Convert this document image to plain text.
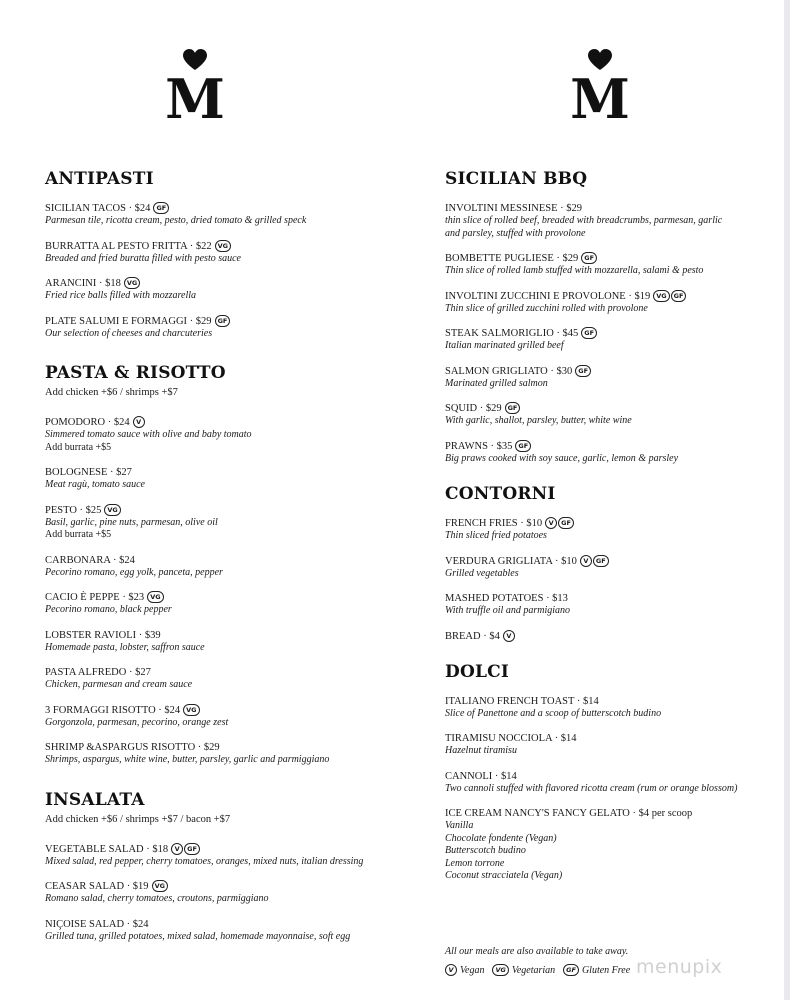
M	M
ANTIPASTI
SICILIAN TACOS · $24 GF
Parmesan tile, ricotta cream, pesto, dried tomato & grilled speck
BURRATTA AL PESTO FRITTA · $22 VG
Breaded and fried buratta filled with pesto sauce
ARANCINI · $18 VG
Fried rice balls filled with mozzarella
PLATE SALUMI E FORMAGGI · $29 GF
Our selection of cheeses and charcuteries
PASTA & RISOTTO
Add chicken +$6 / shrimps +$7
POMODORO · $24 V
Simmered tomato sauce with olive and baby tomato
Add burrata +$5
BOLOGNESE · $27
Meat ragù, tomato sauce
PESTO · $25 VG
Basil, garlic, pine nuts, parmesan, olive oil
Add burrata +$5
CARBONARA · $24
Pecorino romano, egg yolk, panceta, pepper
CACIO È PEPPE · $23 VG
Pecorino romano, black pepper
LOBSTER RAVIOLI · $39
Homemade pasta, lobster, saffron sauce
PASTA ALFREDO · $27
Chicken, parmesan and cream sauce
3 FORMAGGI RISOTTO · $24 VG
Gorgonzola, parmesan, pecorino, orange zest
SHRIMP &ASPARGUS RISOTTO · $29
Shrimps, aspargus, white wine, butter, parsley, garlic and parmiggiano
INSALATA
Add chicken +$6 / shrimps +$7 / bacon +$7
VEGETABLE SALAD · $18 V GF
Mixed salad, red pepper, cherry tomatoes, oranges, mixed nuts, italian dressing
CEASAR SALAD · $19 VG
Romano salad, cherry tomatoes, croutons, parmiggiano
NIÇOISE SALAD · $24
Grilled tuna, grilled potatoes, mixed salad, homemade mayonnaise, soft egg
SICILIAN BBQ
INVOLTINI MESSINESE · $29
thin slice of rolled beef, breaded with breadcrumbs, parmesan, garlic
and parsley, stuffed with provolone
BOMBETTE PUGLIESE · $29 GF
Thin slice of rolled lamb stuffed with mozzarella, salami & pesto
INVOLTINI ZUCCHINI E PROVOLONE · $19 VG GF
Thin slice of grilled zucchini rolled with provolone
STEAK SALMORIGLIO · $45 GF
Italian marinated grilled beef
SALMON GRIGLIATO · $30 GF
Marinated grilled salmon
SQUID · $29 GF
With garlic, shallot, parsley, butter, white wine
PRAWNS · $35 GF
Big praws cooked with soy sauce, garlic, lemon & parsley
CONTORNI
FRENCH FRIES · $10 V GF
Thin sliced fried potatoes
VERDURA GRIGLIATA · $10 V GF
Grilled vegetables
MASHED POTATOES · $13
With truffle oil and parmigiano
BREAD · $4 V
DOLCI
ITALIANO FRENCH TOAST · $14
Slice of Panettone and a scoop of butterscotch budino
TIRAMISU NOCCIOLA · $14
Hazelnut tiramisu
CANNOLI · $14
Two cannoli stuffed with flavored ricotta cream (rum or orange blossom)
ICE CREAM NANCY'S FANCY GELATO · $4 per scoop
Vanilla
Chocolate fondente (Vegan)
Butterscotch budino
Lemon torrone
Coconut stracciatela (Vegan)
All our meals are also available to take away.
V Vegan VG Vegetarian GF Gluten Free menupix
